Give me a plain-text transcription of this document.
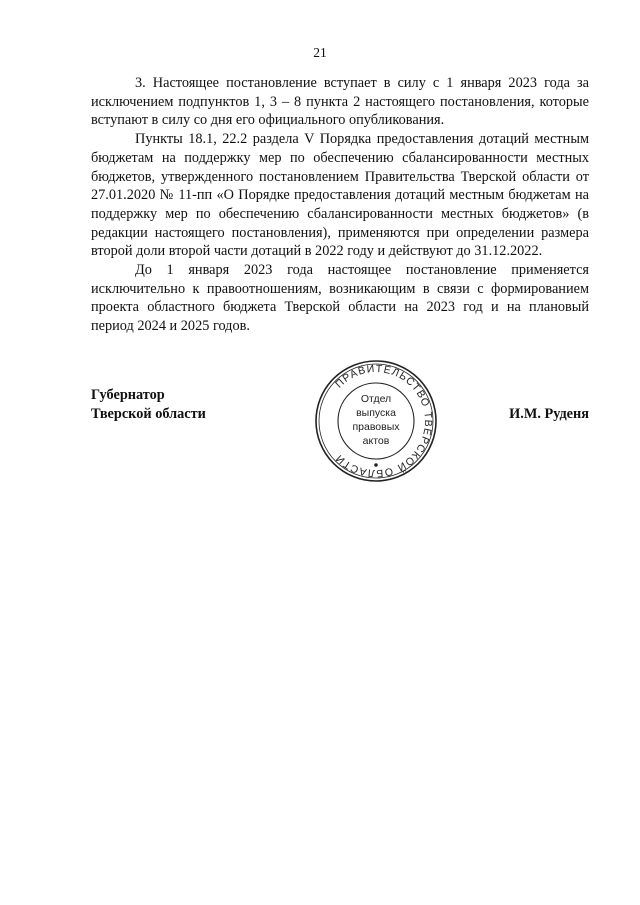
21

3. Настоящее постановление вступает в силу с 1 января 2023 года за исключением подпунктов 1, 3 – 8 пункта 2 настоящего постановления, которые вступают в силу со дня его официального опубликования.

Пункты 18.1, 22.2 раздела V Порядка предоставления дотаций местным бюджетам на поддержку мер по обеспечению сбалансированности местных бюджетов, утвержденного постановлением Правительства Тверской области от 27.01.2020 № 11-пп «О Порядке предоставления дотаций местным бюджетам на поддержку мер по обеспечению сбалансированности местных бюджетов» (в редакции настоящего постановления), применяются при определении размера второй доли второй части дотаций в 2022 году и действуют до 31.12.2022.

До 1 января 2023 года настоящее постановление применяется исключительно к правоотношениям, возникающим в связи с формированием проекта областного бюджета Тверской области на 2023 год и на плановый период 2024 и 2025 годов.

Губернатор
Тверской области	И.М. Руденя
ПРАВИТЕЛЬСТВО ТВЕРСКОЙ ОБЛАСТИ
Отдел
выпуска
правовых
актов
